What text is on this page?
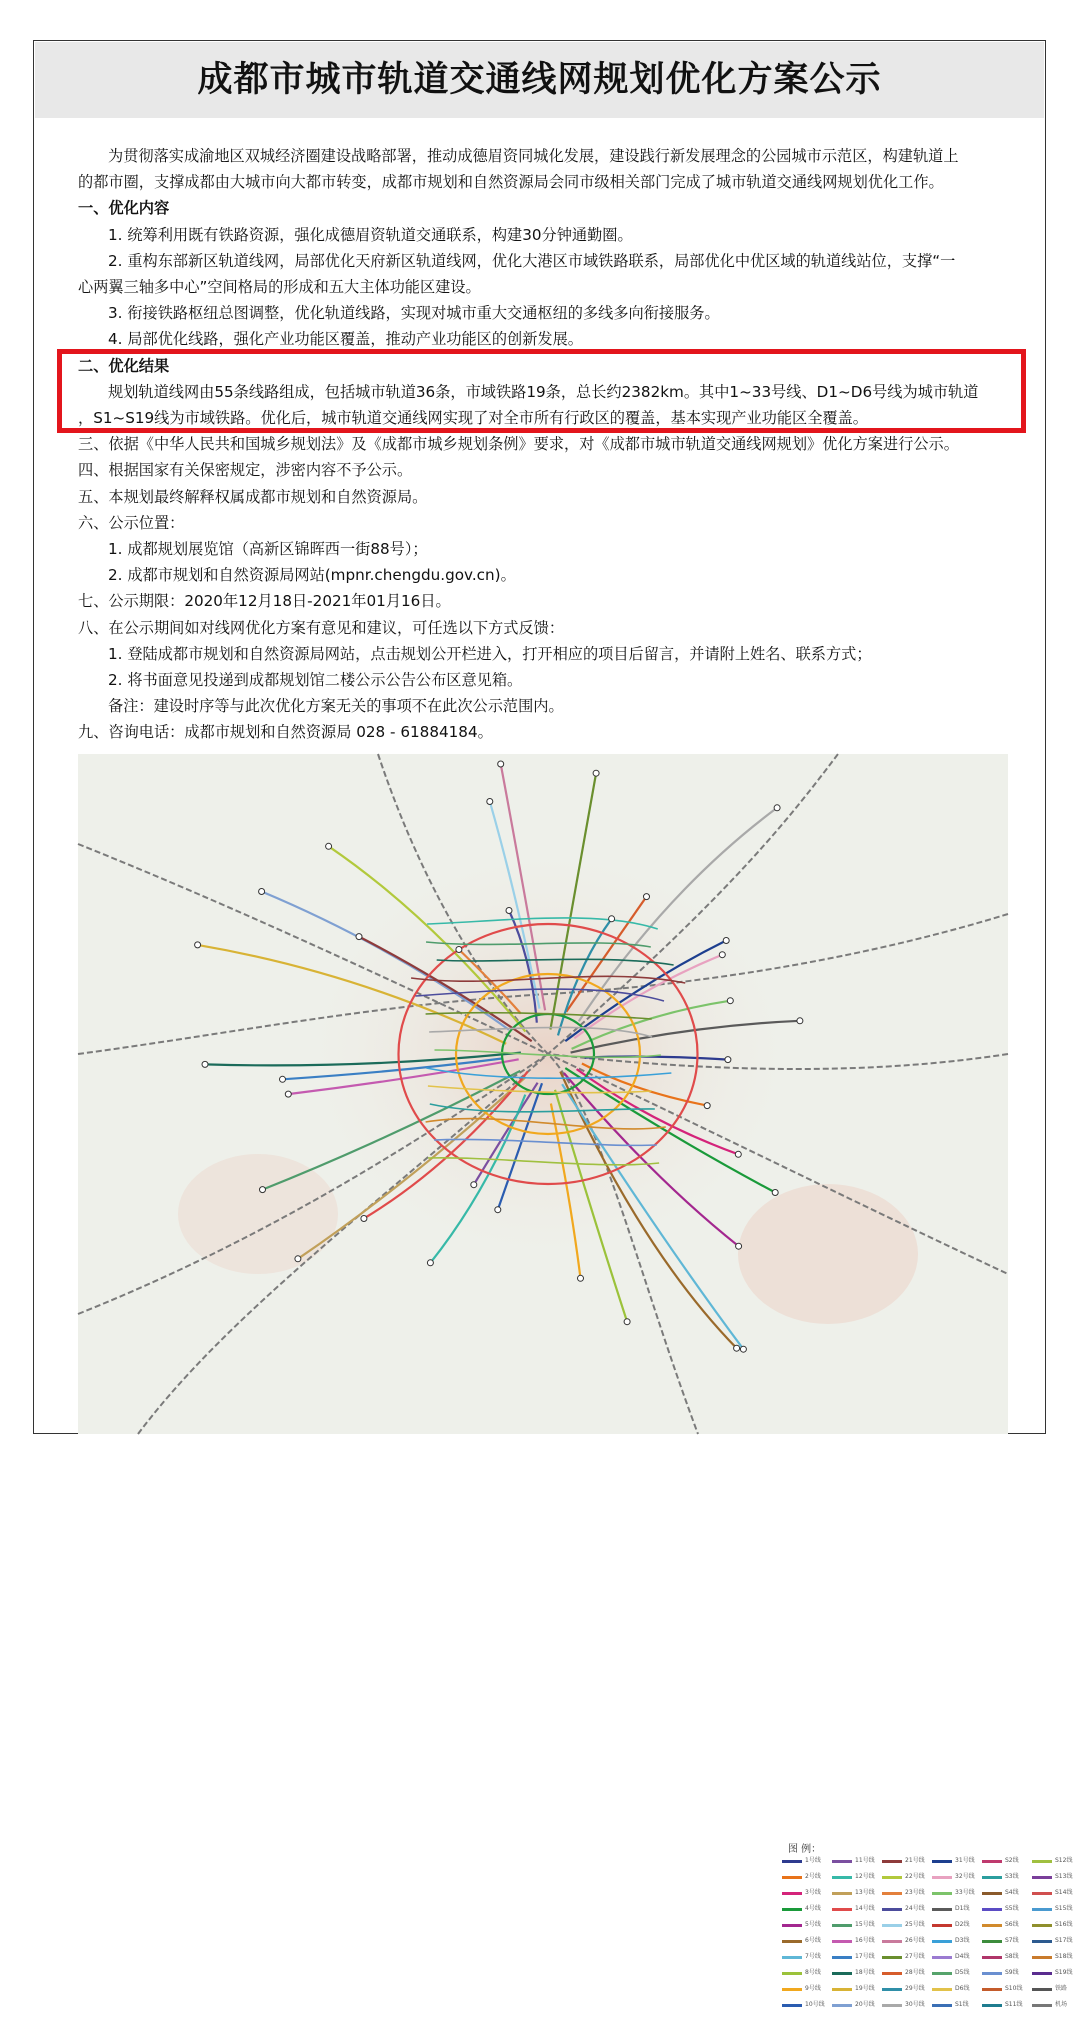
成都市城市轨道交通线网规划优化方案公示

为贯彻落实成渝地区双城经济圈建设战略部署，推动成德眉资同城化发展，建设践行新发展理念的公园城市示范区，构建轨道上

的都市圈，支撑成都由大城市向大都市转变，成都市规划和自然资源局会同市级相关部门完成了城市轨道交通线网规划优化工作。

一、优化内容

1. 统筹利用既有铁路资源，强化成德眉资轨道交通联系，构建30分钟通勤圈。

2. 重构东部新区轨道线网，局部优化天府新区轨道线网，优化大港区市域铁路联系，局部优化中优区域的轨道线站位，支撑“一

心两翼三轴多中心”空间格局的形成和五大主体功能区建设。

3. 衔接铁路枢纽总图调整，优化轨道线路，实现对城市重大交通枢纽的多线多向衔接服务。

4. 局部优化线路，强化产业功能区覆盖，推动产业功能区的创新发展。

二、优化结果

规划轨道线网由55条线路组成，包括城市轨道36条，市域铁路19条，总长约2382km。其中1~33号线、D1~D6号线为城市轨道

，S1~S19线为市域铁路。优化后，城市轨道交通线网实现了对全市所有行政区的覆盖，基本实现产业功能区全覆盖。

三、依据《中华人民共和国城乡规划法》及《成都市城乡规划条例》要求，对《成都市城市轨道交通线网规划》优化方案进行公示。

四、根据国家有关保密规定，涉密内容不予公示。

五、本规划最终解释权属成都市规划和自然资源局。

六、公示位置：

1. 成都规划展览馆（高新区锦晖西一街88号）；

2. 成都市规划和自然资源局网站(mpnr.chengdu.gov.cn)。

七、公示期限：2020年12月18日-2021年01月16日。

八、在公示期间如对线网优化方案有意见和建议，可任选以下方式反馈：

1. 登陆成都市规划和自然资源局网站，点击规划公开栏进入，打开相应的项目后留言，并请附上姓名、联系方式；

2. 将书面意见投递到成都规划馆二楼公示公告公布区意见箱。

备注：建设时序等与此次优化方案无关的事项不在此次公示范围内。

九、咨询电话：成都市规划和自然资源局 028 - 61884184。

图 例：
1号线
2号线
3号线
4号线
5号线
6号线
7号线
8号线
9号线
10号线
11号线
12号线
13号线
14号线
15号线
16号线
17号线
18号线
19号线
20号线
21号线
22号线
23号线
24号线
25号线
26号线
27号线
28号线
29号线
30号线
31号线
32号线
33号线
D1线
D2线
D3线
D4线
D5线
D6线
S1线
S2线
S3线
S4线
S5线
S6线
S7线
S8线
S9线
S10线
S11线
S12线
S13线
S14线
S15线
S16线
S17线
S18线
S19线
铁路
机场
